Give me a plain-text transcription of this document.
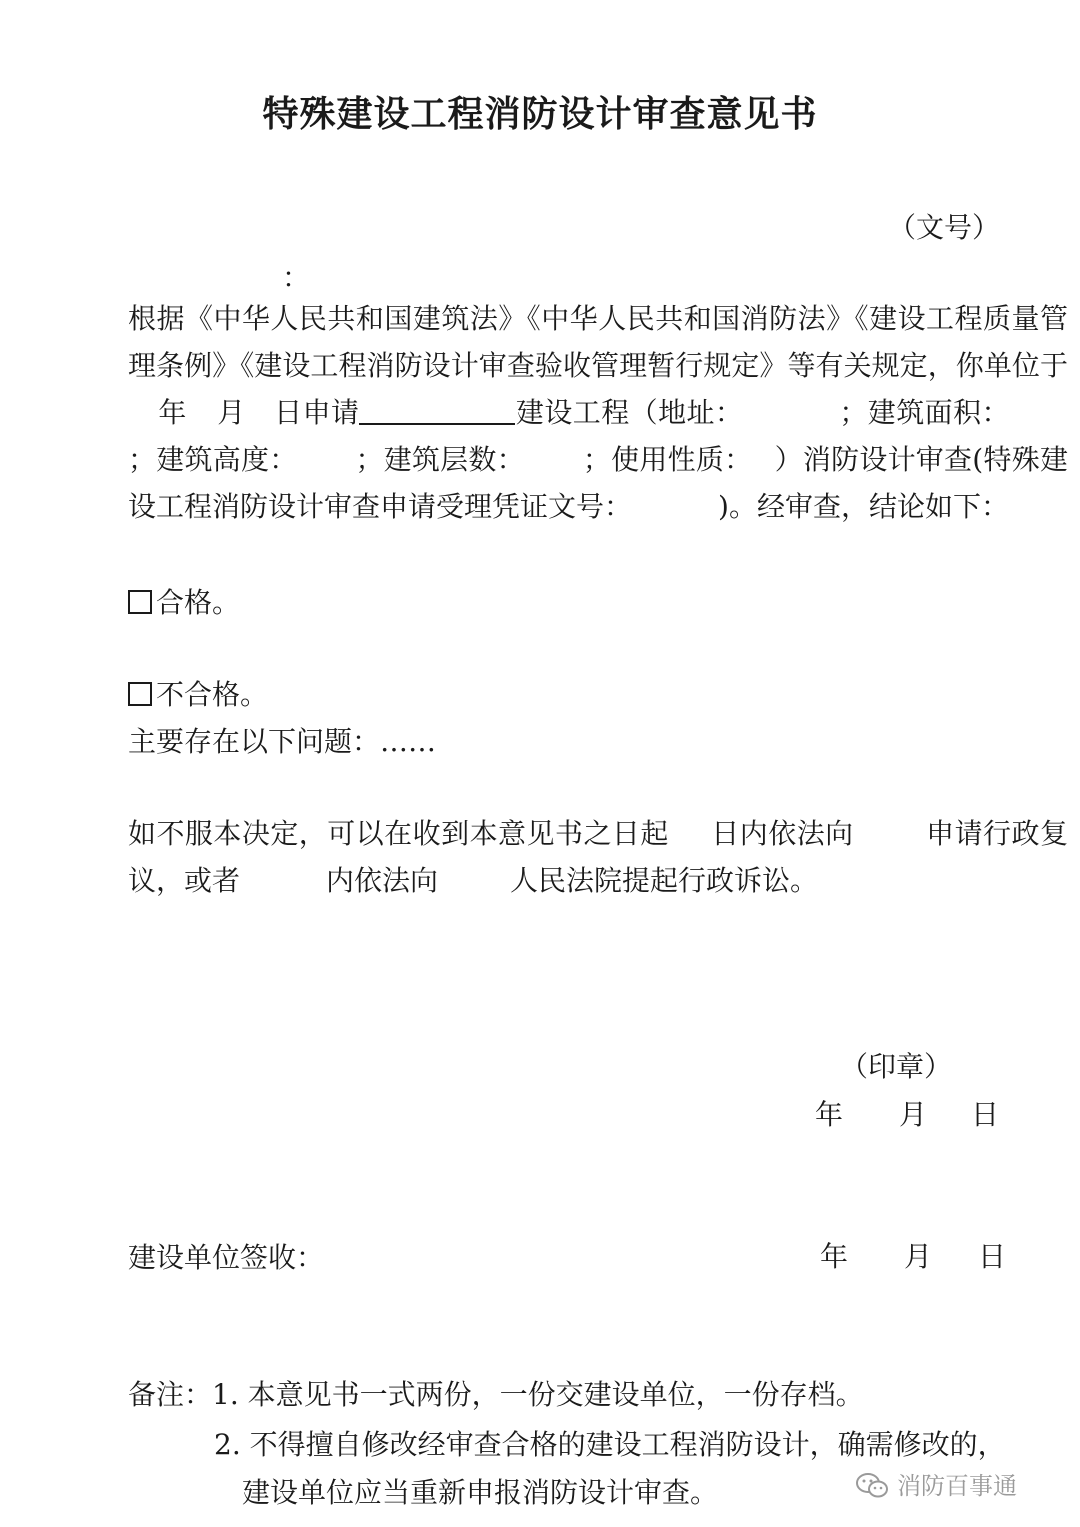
特殊建设工程消防设计审查意见书
（文号）
：
根据《中华人民共和国建筑法》《中华人民共和国消防法》《建设工程质量管理条例》《建设工程消防设计审查验收管理暂行规定》等有关规定，你单位于年 月 日申请	建设工程（地址：	；建筑面积：；建筑高度： ；建筑层数： ；使用性质： ）消防设计审查(特殊建设工程消防设计审查申请受理凭证文号：	)。经审查，结论如下：
合格。
不合格。
主要存在以下问题：……
如不服本决定，可以在收到本意见书之日起 日内依法向	申请行政复议，或者	内依法向	人民法院提起行政诉讼。
（印章）
年 月 日
建设单位签收：	年 月 日
备注：1. 本意见书一式两份，一份交建设单位，一份存档。
2. 不得擅自修改经审查合格的建设工程消防设计，确需修改的，
建设单位应当重新申报消防设计审查。	消防百事通
